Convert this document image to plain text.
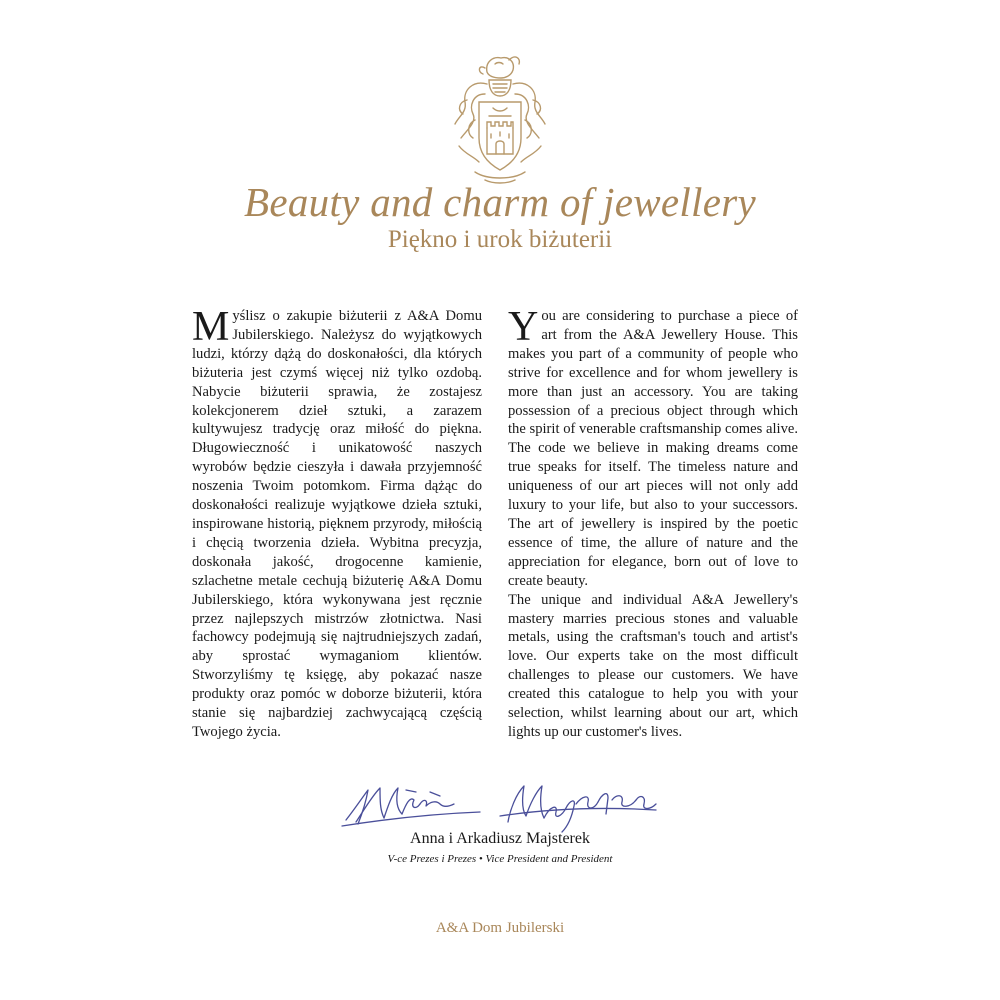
Beauty and charm of jewellery
Piękno i urok biżuterii

Myślisz o zakupie biżuterii z A&A Domu Jubilerskiego. Należysz do wyjątkowych ludzi, którzy dążą do doskonałości, dla których biżuteria jest czymś więcej niż tylko ozdobą. Nabycie biżuterii sprawia, że zostajesz kolekcjonerem dzieł sztuki, a zarazem kultywujesz tradycję oraz miłość do piękna. Długowieczność i unikatowość naszych wyrobów będzie cieszyła i dawała przyjemność noszenia Twoim potomkom. Firma dążąc do doskonałości realizuje wyjątkowe dzieła sztuki, inspirowane historią, pięknem przyrody, miłością i chęcią tworzenia dzieła. Wybitna precyzja, doskonała jakość, drogocenne kamienie, szlachetne metale cechują biżuterię A&A Domu Jubilerskiego, która wykonywana jest ręcznie przez najlepszych mistrzów złotnictwa. Nasi fachowcy podejmują się najtrudniejszych zadań, aby sprostać wymaganiom klientów. Stworzyliśmy tę księgę, aby pokazać nasze produkty oraz pomóc w doborze biżuterii, która stanie się najbardziej zachwycającą częścią Twojego życia.

You are considering to purchase a piece of art from the A&A Jewellery House. This makes you part of a community of people who strive for excellence and for whom jewellery is more than just an accessory. You are taking possession of a precious object through which the spirit of venerable craftsmanship comes alive. The code we believe in making dreams come true speaks for itself. The timeless nature and uniqueness of our art pieces will not only add luxury to your life, but also to your successors. The art of jewellery is inspired by the poetic essence of time, the allure of nature and the appreciation for elegance, born out of love to create beauty.

The unique and individual A&A Jewellery's mastery marries precious stones and valuable metals, using the craftsman's touch and artist's love. Our experts take on the most difficult challenges to please our customers. We have created this catalogue to help you with your selection, whilst learning about our art, which lights up our customer's lives.

Anna i Arkadiusz Majsterek
V-ce Prezes i Prezes • Vice President and President
A&A Dom Jubilerski
